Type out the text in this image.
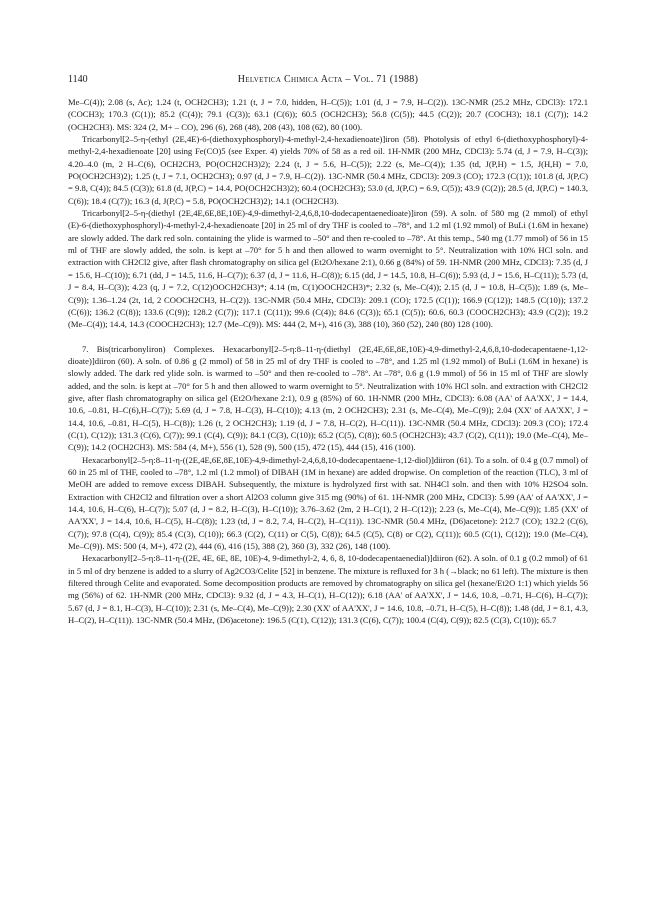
1140	Helvetica Chimica Acta – Vol. 71 (1988)

Me–C(4)); 2.08 (s, Ac); 1.24 (t, OCH2CH3); 1.21 (t, J = 7.0, hidden, H–C(5)); 1.01 (d, J = 7.9, H–C(2)). 13C-NMR (25.2 MHz, CDCl3): 172.1 (COCH3); 170.3 (C(1)); 85.2 (C(4)); 79.1 (C(3)); 63.1 (C(6)); 60.5 (OCH2CH3); 56.8 (C(5)); 44.5 (C(2)); 20.7 (COCH3); 18.1 (C(7)); 14.2 (OCH2CH3). MS: 324 (2, M+ – CO), 296 (6), 268 (48), 208 (43), 108 (62), 80 (100).

Tricarbonyl[2–5-η-(ethyl (2E,4E)-6-(diethoxyphosphoryl)-4-methyl-2,4-hexadienoate)]iron (58). Photolysis of ethyl 6-(diethoxyphosphoryl)-4-methyl-2,4-hexadienoate [20] using Fe(CO)5 (see Exper. 4) yields 70% of 58 as a red oil. 1H-NMR (200 MHz, CDCl3): 5.74 (d, J = 7.9, H–C(3)); 4.20–4.0 (m, 2 H–C(6), OCH2CH3, PO(OCH2CH3)2); 2.24 (t, J = 5.6, H–C(5)); 2.22 (s, Me–C(4)); 1.35 (td, J(P,H) = 1.5, J(H,H) = 7.0, PO(OCH2CH3)2); 1.25 (t, J = 7.1, OCH2CH3); 0.97 (d, J = 7.9, H–C(2)). 13C-NMR (50.4 MHz, CDCl3): 209.3 (CO); 172.3 (C(1)); 101.8 (d, J(P,C) = 9.8, C(4)); 84.5 (C(3)); 61.8 (d, J(P,C) = 14.4, PO(OCH2CH3)2); 60.4 (OCH2CH3); 53.0 (d, J(P,C) = 6.9, C(5)); 43.9 (C(2)); 28.5 (d, J(P,C) = 140.3, C(6)); 18.4 (C(7)); 16.3 (d, J(P,C) = 5.8, PO(OCH2CH3)2); 14.1 (OCH2CH3).

Tricarbonyl[2–5-η-(diethyl (2E,4E,6E,8E,10E)-4,9-dimethyl-2,4,6,8,10-dodecapentaenedioate)]iron (59). A soln. of 580 mg (2 mmol) of ethyl (E)-6-(diethoxyphosphoryl)-4-methyl-2,4-hexadienoate [20] in 25 ml of dry THF is cooled to –78°, and 1.2 ml (1.92 mmol) of BuLi (1.6M in hexane) are slowly added. The dark red soln. containing the ylide is warmed to –50° and then re-cooled to –78°. At this temp., 540 mg (1.77 mmol) of 56 in 15 ml of THF are slowly added, the soln. is kept at –70° for 5 h and then allowed to warm overnight to 5°. Neutralization with 10% HCl soln. and extraction with CH2Cl2 give, after flash chromatography on silica gel (Et2O/hexane 2:1), 0.66 g (84%) of 59. 1H-NMR (200 MHz, CDCl3): 7.35 (d, J = 15.6, H–C(10)); 6.71 (dd, J = 14.5, 11.6, H–C(7)); 6.37 (d, J = 11.6, H–C(8)); 6.15 (dd, J = 14.5, 10.8, H–C(6)); 5.93 (d, J = 15.6, H–C(11)); 5.73 (d, J = 8.4, H–C(3)); 4.23 (q, J = 7.2, C(12)OOCH2CH3)*; 4.14 (m, C(1)OOCH2CH3)*; 2.32 (s, Me–C(4)); 2.15 (d, J = 10.8, H–C(5)); 1.89 (s, Me–C(9)); 1.36–1.24 (2t, 1d, 2 COOCH2CH3, H–C(2)). 13C-NMR (50.4 MHz, CDCl3): 209.1 (CO); 172.5 (C(1)); 166.9 (C(12)); 148.5 (C(10)); 137.2 (C(6)); 136.2 (C(8)); 133.6 (C(9)); 128.2 (C(7)); 117.1 (C(11)); 99.6 (C(4)); 84.6 (C(3)); 65.1 (C(5)); 60.6, 60.3 (COOCH2CH3); 43.9 (C(2)); 19.2 (Me–C(4)); 14.4, 14.3 (COOCH2CH3); 12.7 (Me–C(9)). MS: 444 (2, M+), 416 (3), 388 (10), 360 (52), 240 (80) 128 (100).

7. Bis(tricarbonyliron) Complexes. Hexacarbonyl[2–5-η:8–11-η-(diethyl (2E,4E,6E,8E,10E)-4,9-dimethyl-2,4,6,8,10-dodecapentaene-1,12-dioate)]diiron (60). A soln. of 0.86 g (2 mmol) of 58 in 25 ml of dry THF is cooled to –78°, and 1.25 ml (1.92 mmol) of BuLi (1.6M in hexane) is slowly added. The dark red ylide soln. is warmed to –50° and then re-cooled to –78°. At –78°, 0.6 g (1.9 mmol) of 56 in 15 ml of THF are slowly added, and the soln. is kept at –70° for 5 h and then allowed to warm overnight to 5°. Neutralization with 10% HCl soln. and extraction with CH2Cl2 give, after flash chromatography on silica gel (Et2O/hexane 2:1), 0.9 g (85%) of 60. 1H-NMR (200 MHz, CDCl3): 6.08 (AA' of AA'XX', J = 14.4, 10.6, –0.81, H–C(6),H–C(7)); 5.69 (d, J = 7.8, H–C(3), H–C(10)); 4.13 (m, 2 OCH2CH3); 2.31 (s, Me–C(4), Me–C(9)); 2.04 (XX' of AA'XX', J = 14.4, 10.6, –0.81, H–C(5), H–C(8)); 1.26 (t, 2 OCH2CH3); 1.19 (d, J = 7.8, H–C(2), H–C(11)). 13C-NMR (50.4 MHz, CDCl3): 209.3 (CO); 172.4 (C(1), C(12)); 131.3 (C(6), C(7)); 99.1 (C(4), C(9)); 84.1 (C(3), C(10)); 65.2 (C(5), C(8)); 60.5 (OCH2CH3); 43.7 (C(2), C(11)); 19.0 (Me–C(4), Me–C(9)); 14.2 (OCH2CH3). MS: 584 (4, M+), 556 (1), 528 (9), 500 (15), 472 (15), 444 (15), 416 (100).

Hexacarbonyl[2–5-η:8–11-η-((2E,4E,6E,8E,10E)-4,9-dimethyl-2,4,6,8,10-dodecapentaene-1,12-diol)]diiron (61). To a soln. of 0.4 g (0.7 mmol) of 60 in 25 ml of THF, cooled to –78°, 1.2 ml (1.2 mmol) of DIBAH (1M in hexane) are added dropwise. On completion of the reaction (TLC), 3 ml of MeOH are added to remove excess DIBAH. Subsequently, the mixture is hydrolyzed first with sat. NH4Cl soln. and then with 10% H2SO4 soln. Extraction with CH2Cl2 and filtration over a short Al2O3 column give 315 mg (90%) of 61. 1H-NMR (200 MHz, CDCl3): 5.99 (AA' of AA'XX', J = 14.4, 10.6, H–C(6), H–C(7)); 5.07 (d, J = 8.2, H–C(3), H–C(10)); 3.76–3.62 (2m, 2 H–C(1), 2 H–C(12)); 2.23 (s, Me–C(4), Me–C(9)); 1.85 (XX' of AA'XX', J = 14.4, 10.6, H–C(5), H–C(8)); 1.23 (td, J = 8.2, 7.4, H–C(2), H–C(11)). 13C-NMR (50.4 MHz, (D6)acetone): 212.7 (CO); 132.2 (C(6), C(7)); 97.8 (C(4), C(9)); 85.4 (C(3), C(10)); 66.3 (C(2), C(11) or C(5), C(8)); 64.5 (C(5), C(8) or C(2), C(11)); 60.5 (C(1), C(12)); 19.0 (Me–C(4), Me–C(9)). MS: 500 (4, M+), 472 (2), 444 (6), 416 (15), 388 (2), 360 (3), 332 (26), 148 (100).

Hexacarbonyl[2–5-η:8–11-η-((2E, 4E, 6E, 8E, 10E)-4, 9-dimethyl-2, 4, 6, 8, 10-dodecapentaenedial)]diiron (62). A soln. of 0.1 g (0.2 mmol) of 61 in 5 ml of dry benzene is added to a slurry of Ag2CO3/Celite [52] in benzene. The mixture is refluxed for 3 h (→black; no 61 left). The mixture is then filtered through Celite and evaporated. Some decomposition products are removed by chromatography on silica gel (hexane/Et2O 1:1) which yields 56 mg (56%) of 62. 1H-NMR (200 MHz, CDCl3): 9.32 (d, J = 4.3, H–C(1), H–C(12)); 6.18 (AA' of AA'XX', J = 14.6, 10.8, –0.71, H–C(6), H–C(7)); 5.67 (d, J = 8.1, H–C(3), H–C(10)); 2.31 (s, Me–C(4), Me–C(9)); 2.30 (XX' of AA'XX', J = 14.6, 10.8, –0.71, H–C(5), H–C(8)); 1.48 (dd, J = 8.1, 4.3, H–C(2), H–C(11)). 13C-NMR (50.4 MHz, (D6)acetone): 196.5 (C(1), C(12)); 131.3 (C(6), C(7)); 100.4 (C(4), C(9)); 82.5 (C(3), C(10)); 65.7
